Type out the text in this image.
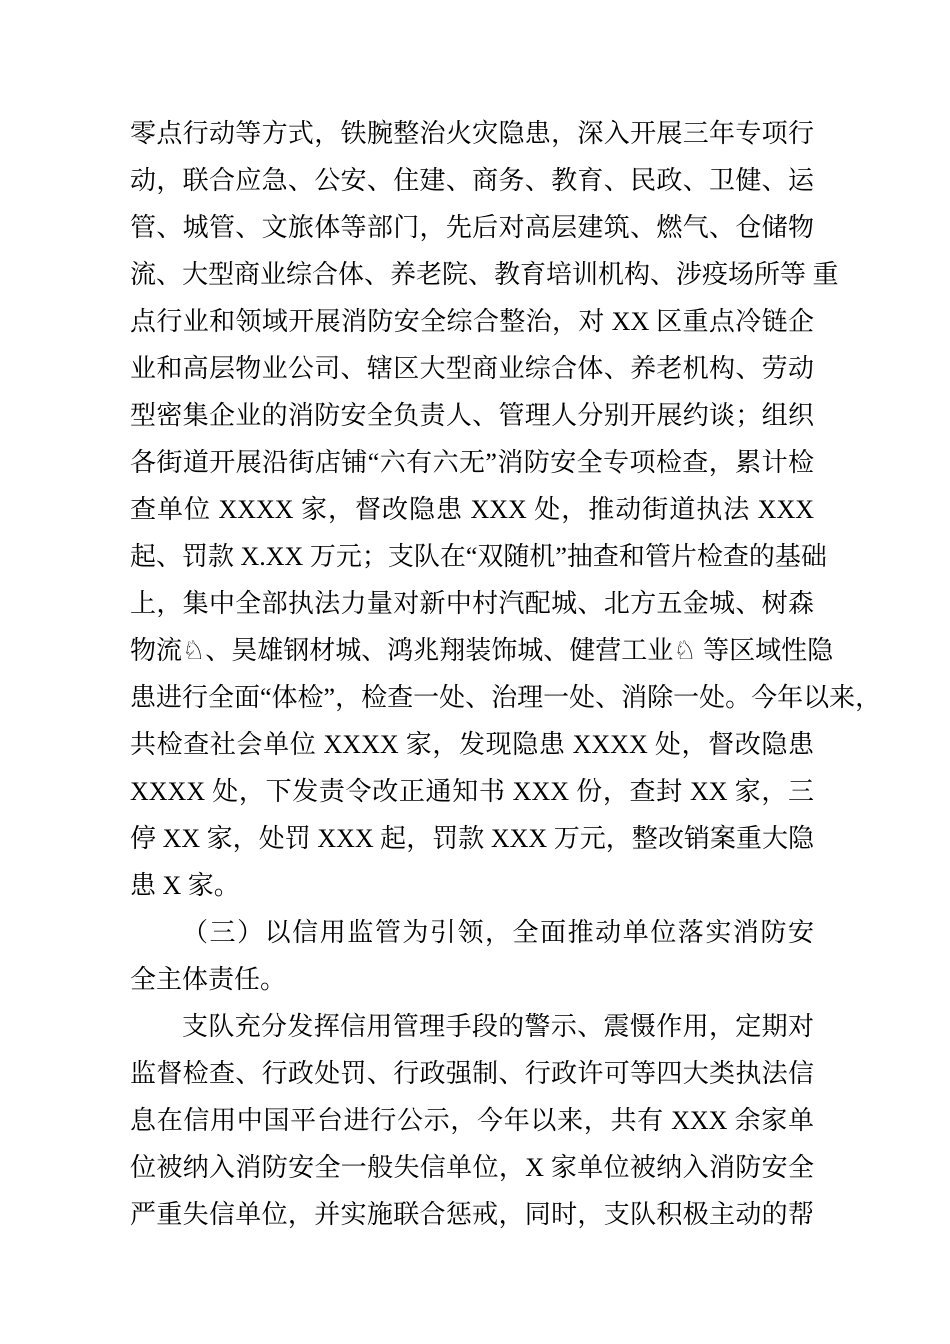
零点行动等方式，铁腕整治火灾隐患，深入开展三年专项行
动，联合应急、公安、住建、商务、教育、民政、卫健、运
管、城管、文旅体等部门，先后对高层建筑、燃气、仓储物
流、大型商业综合体、养老院、教育培训机构、涉疫场所等 重
点行业和领域开展消防安全综合整治，对 XX 区重点冷链企
业和高层物业公司、辖区大型商业综合体、养老机构、劳动
型密集企业的消防安全负责人、管理人分别开展约谈；组织
各街道开展沿街店铺“六有六无”消防安全专项检查，累计检
查单位 XXXX 家，督改隐患 XXX 处，推动街道执法 XXX
起、罚款 X.XX 万元；支队在“双随机”抽查和管片检查的基础
上，集中全部执法力量对新中村汽配城、北方五金城、树森
物流♘、昊雄钢材城、鸿兆翔装饰城、健营工业♘ 等区域性隐
患进行全面“体检”，检查一处、治理一处、消除一处。今年以来，
共检查社会单位 XXXX 家，发现隐患 XXXX 处，督改隐患
XXXX 处，下发责令改正通知书 XXX 份，查封 XX 家，三
停 XX 家，处罚 XXX 起，罚款 XXX 万元，整改销案重大隐
患 X 家。
（三）以信用监管为引领，全面推动单位落实消防安
全主体责任。
支队充分发挥信用管理手段的警示、震慑作用，定期对
监督检查、行政处罚、行政强制、行政许可等四大类执法信
息在信用中国平台进行公示，今年以来，共有 XXX 余家单
位被纳入消防安全一般失信单位，X 家单位被纳入消防安全
严重失信单位，并实施联合惩戒，同时，支队积极主动的帮
